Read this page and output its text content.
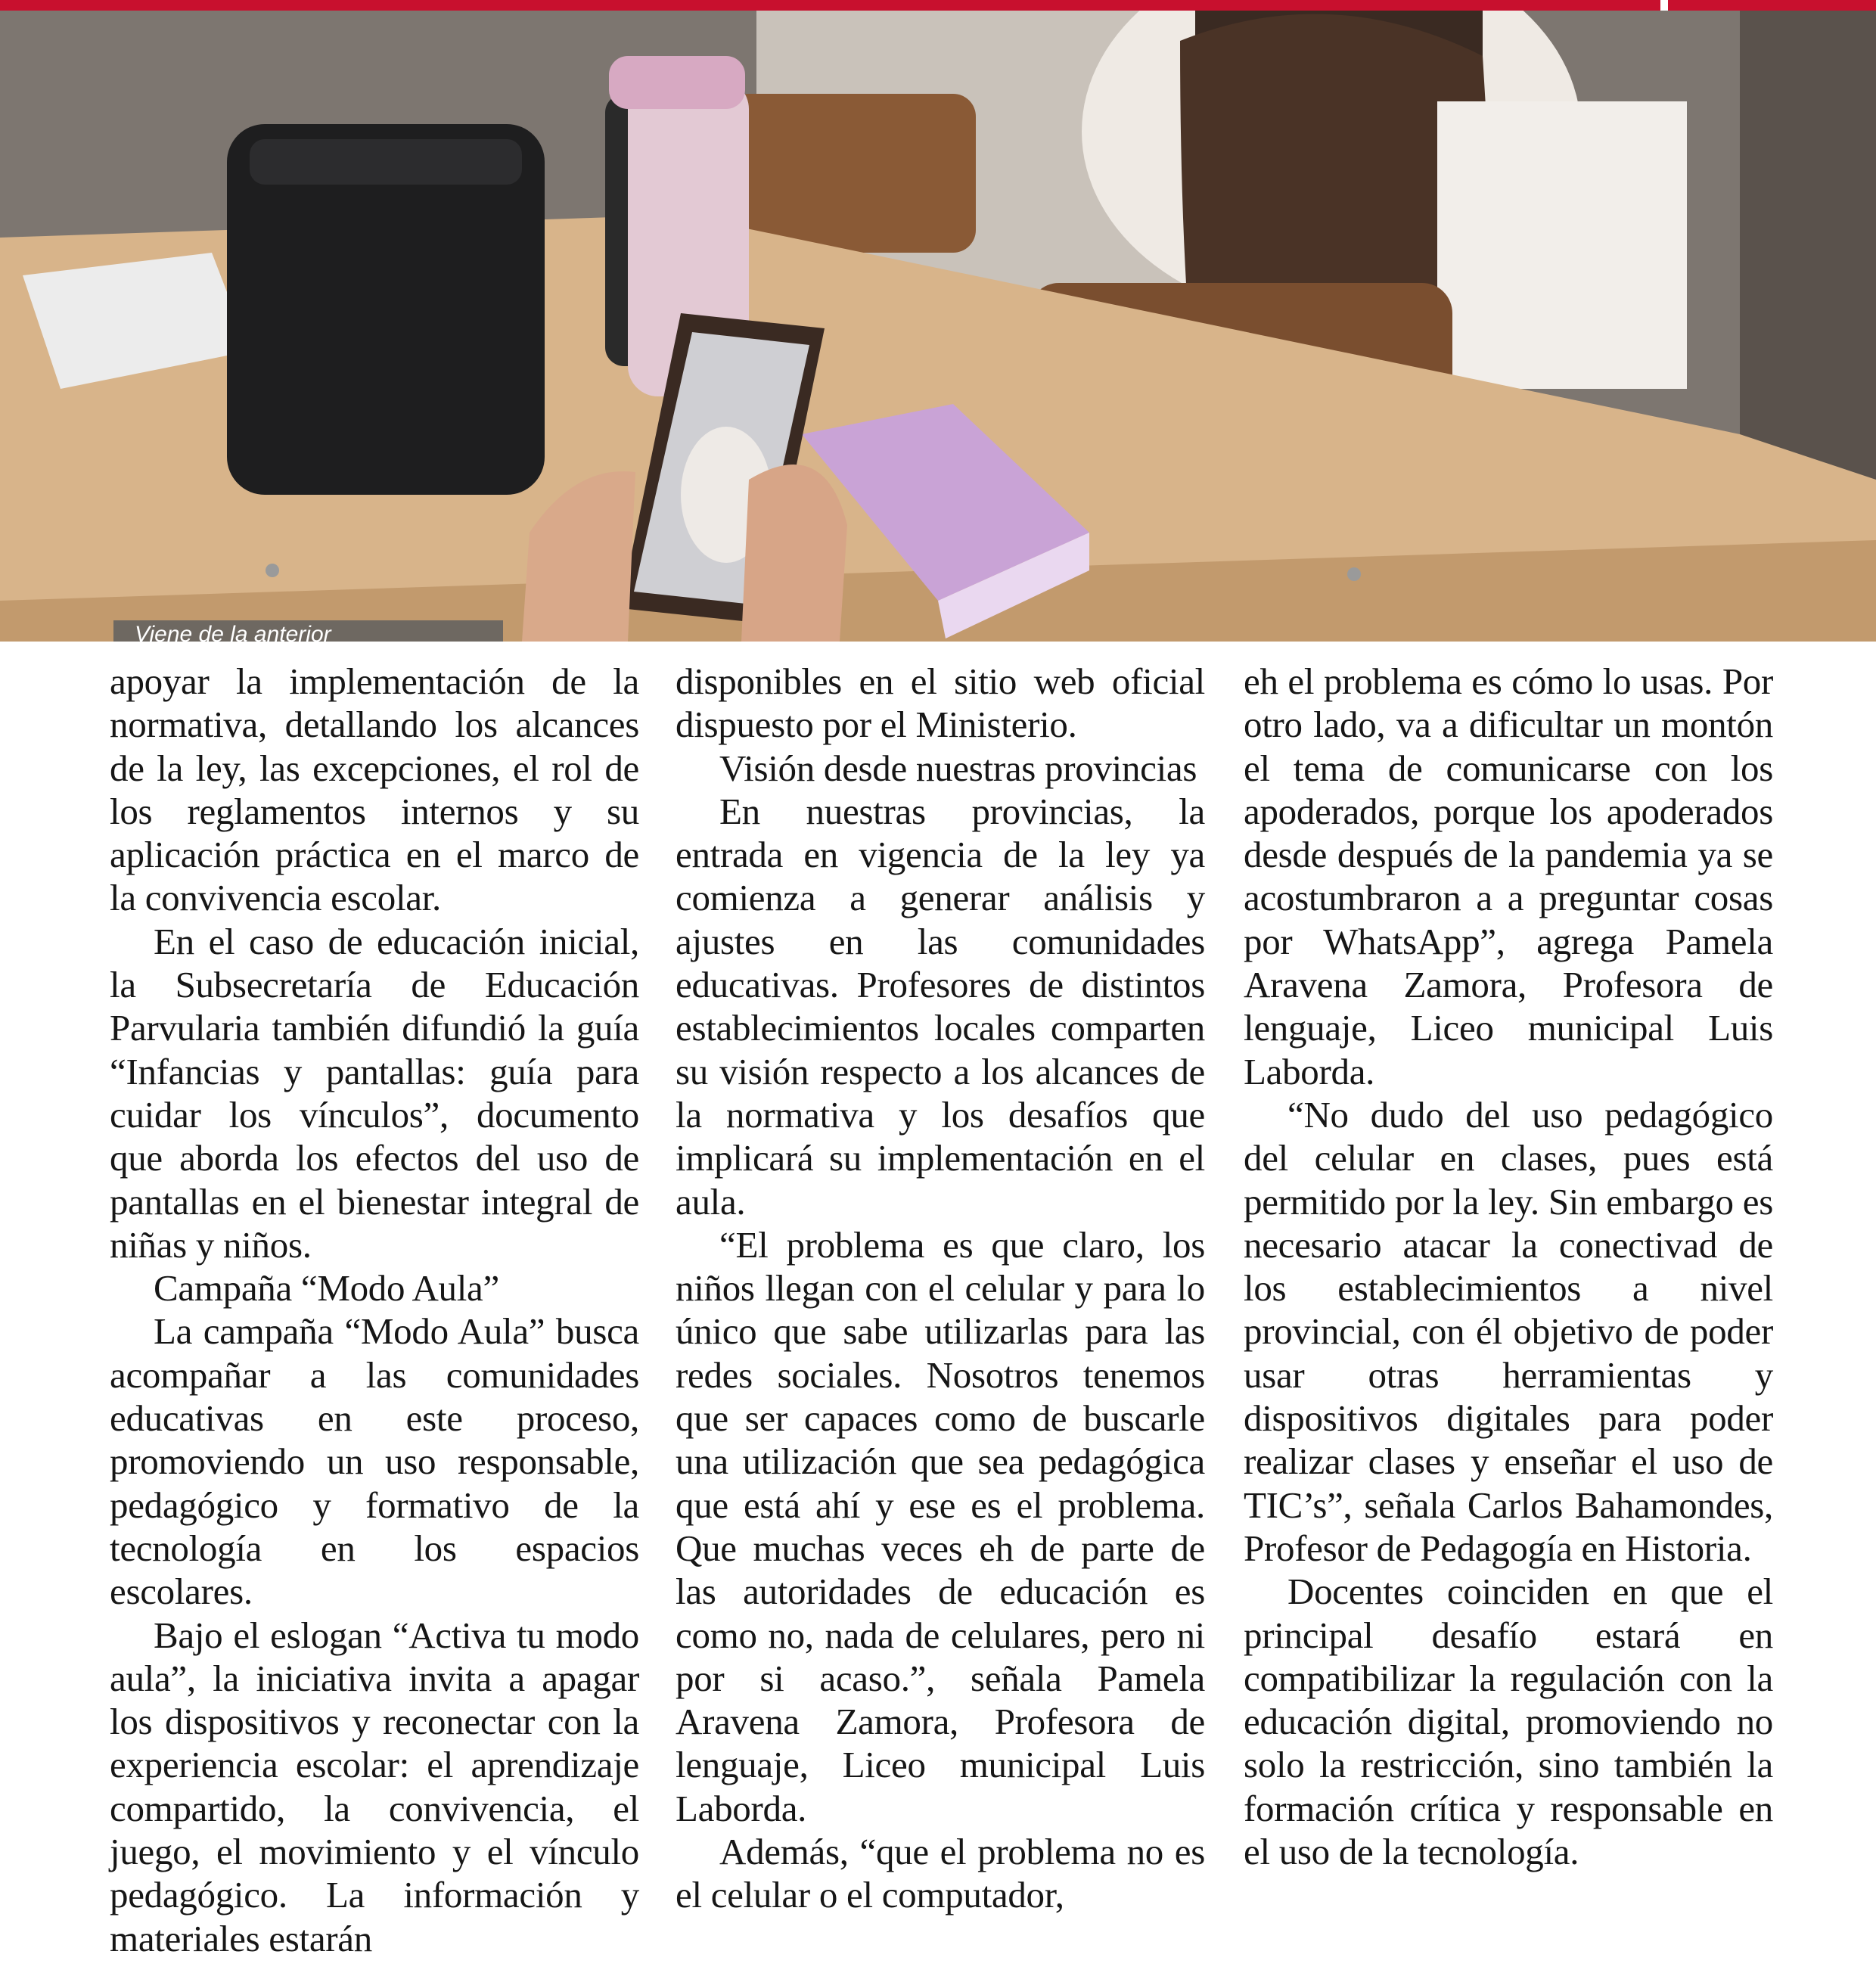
Viene de la anterior

apoyar la implementación de la normativa, detallando los alcances de la ley, las excepciones, el rol de los reglamentos internos y su aplicación práctica en el marco de la convivencia escolar.

En el caso de educación inicial, la Subsecretaría de Educación Parvularia también difundió la guía “Infancias y pantallas: guía para cuidar los vínculos”, documento que aborda los efectos del uso de pantallas en el bienestar integral de niñas y niños.

Campaña “Modo Aula”

La campaña “Modo Aula” busca acompañar a las comunidades educativas en este proceso, promoviendo un uso responsable, pedagógico y formativo de la tecnología en los espacios escolares.

Bajo el eslogan “Activa tu modo aula”, la iniciativa invita a apagar los dispositivos y reconectar con la experiencia escolar: el aprendizaje compartido, la convivencia, el juego, el movimiento y el vínculo pedagógico. La información y materiales estarán

disponibles en el sitio web oficial dispuesto por el Ministerio.

Visión desde nuestras provincias

En nuestras provincias, la entrada en vigencia de la ley ya comienza a generar análisis y ajustes en las comunidades educativas. Profesores de distintos establecimientos locales comparten su visión respecto a los alcances de la normativa y los desafíos que implicará su implementación en el aula.

“El problema es que claro, los niños llegan con el celular y para lo único que sabe utilizarlas para las redes sociales. Nosotros tenemos que ser capaces como de buscarle una utilización que sea pedagógica que está ahí y ese es el problema. Que muchas veces eh de parte de las autoridades de educación es como no, nada de celulares, pero ni por si acaso.”, señala Pamela Aravena Zamora, Profesora de lenguaje, Liceo municipal Luis Laborda.

Además, “que el problema no es el celular o el computador,

eh el problema es cómo lo usas. Por otro lado, va a dificultar un montón el tema de comunicarse con los apoderados, porque los apoderados desde después de la pandemia ya se acostumbraron a a preguntar cosas por WhatsApp”, agrega Pamela Aravena Zamora, Profesora de lenguaje, Liceo municipal Luis Laborda.

“No dudo del uso pedagógico del celular en clases, pues está permitido por la ley. Sin embargo es necesario atacar la conectivad de los establecimientos a nivel provincial, con él objetivo de poder usar otras herramientas y dispositivos digitales para poder realizar clases y enseñar el uso de TIC’s”, señala Carlos Bahamondes, Profesor de Pedagogía en Historia.

Docentes coinciden en que el principal desafío estará en compatibilizar la regulación con la educación digital, promoviendo no solo la restricción, sino también la formación crítica y responsable en el uso de la tecnología.
